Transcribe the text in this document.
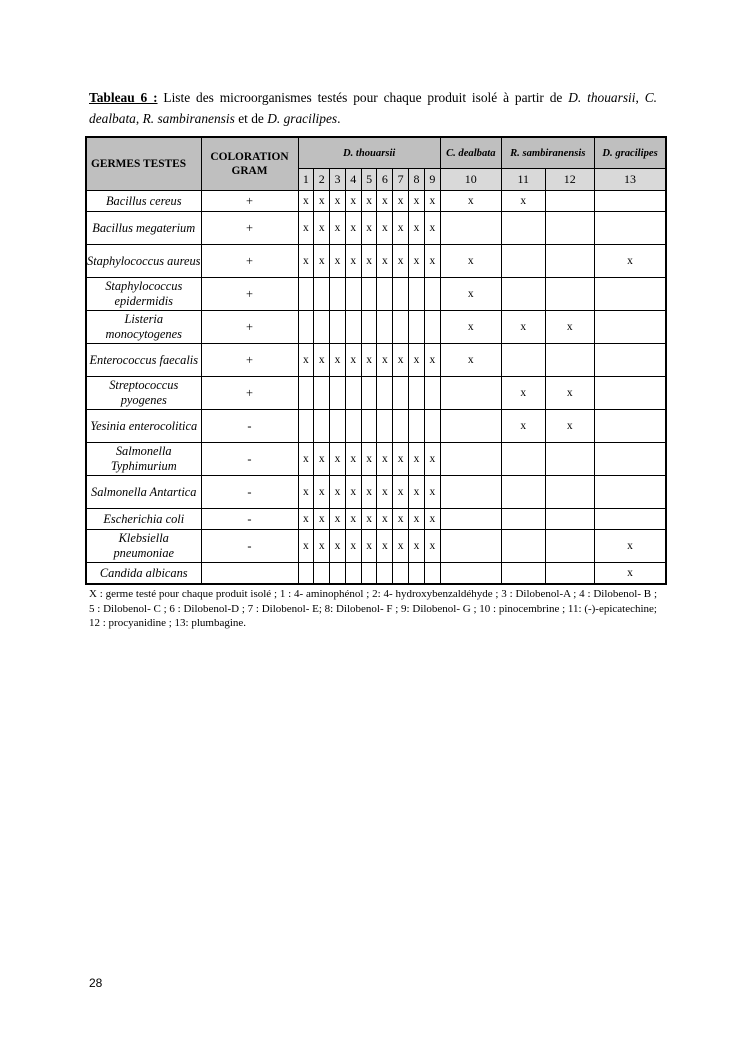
Tableau 6 : Liste des microorganismes testés pour chaque produit isolé à partir de D. thouarsii, C. dealbata, R. sambiranensis et de D. gracilipes.
GERMES TESTES	COLORATION GRAM	D. thouarsii									C. dealbata	R. sambiranensis		D. gracilipes
		1	2	3	4	5	6	7	8	9	10	11	12	13
Bacillus cereus	+	x	x	x	x	x	x	x	x	x	x	x		
Bacillus megaterium	+	x	x	x	x	x	x	x	x	x				
Staphylococcus aureus	+	x	x	x	x	x	x	x	x	x	x			x
Staphylococcus epidermidis	+										x			
Listeria monocytogenes	+										x	x	x	
Enterococcus faecalis	+	x	x	x	x	x	x	x	x	x	x			
Streptococcus pyogenes	+											x	x	
Yesinia enterocolitica	-											x	x	
Salmonella Typhimurium	-	x	x	x	x	x	x	x	x	x				
Salmonella Antartica	-	x	x	x	x	x	x	x	x	x				
Escherichia coli	-	x	x	x	x	x	x	x	x	x				
Klebsiella pneumoniae	-	x	x	x	x	x	x	x	x	x				x
Candida albicans														x
X : germe testé pour chaque produit isolé ; 1 : 4- aminophénol ; 2: 4- hydroxybenzaldéhyde ; 3 : Dilobenol-A ; 4 : Dilobenol- B ; 5 : Dilobenol- C ; 6 : Dilobenol-D ; 7 : Dilobenol- E; 8: Dilobenol- F ; 9: Dilobenol- G ; 10 : pinocembrine ; 11: (-)-epicatechine; 12 : procyanidine ; 13: plumbagine.
28
